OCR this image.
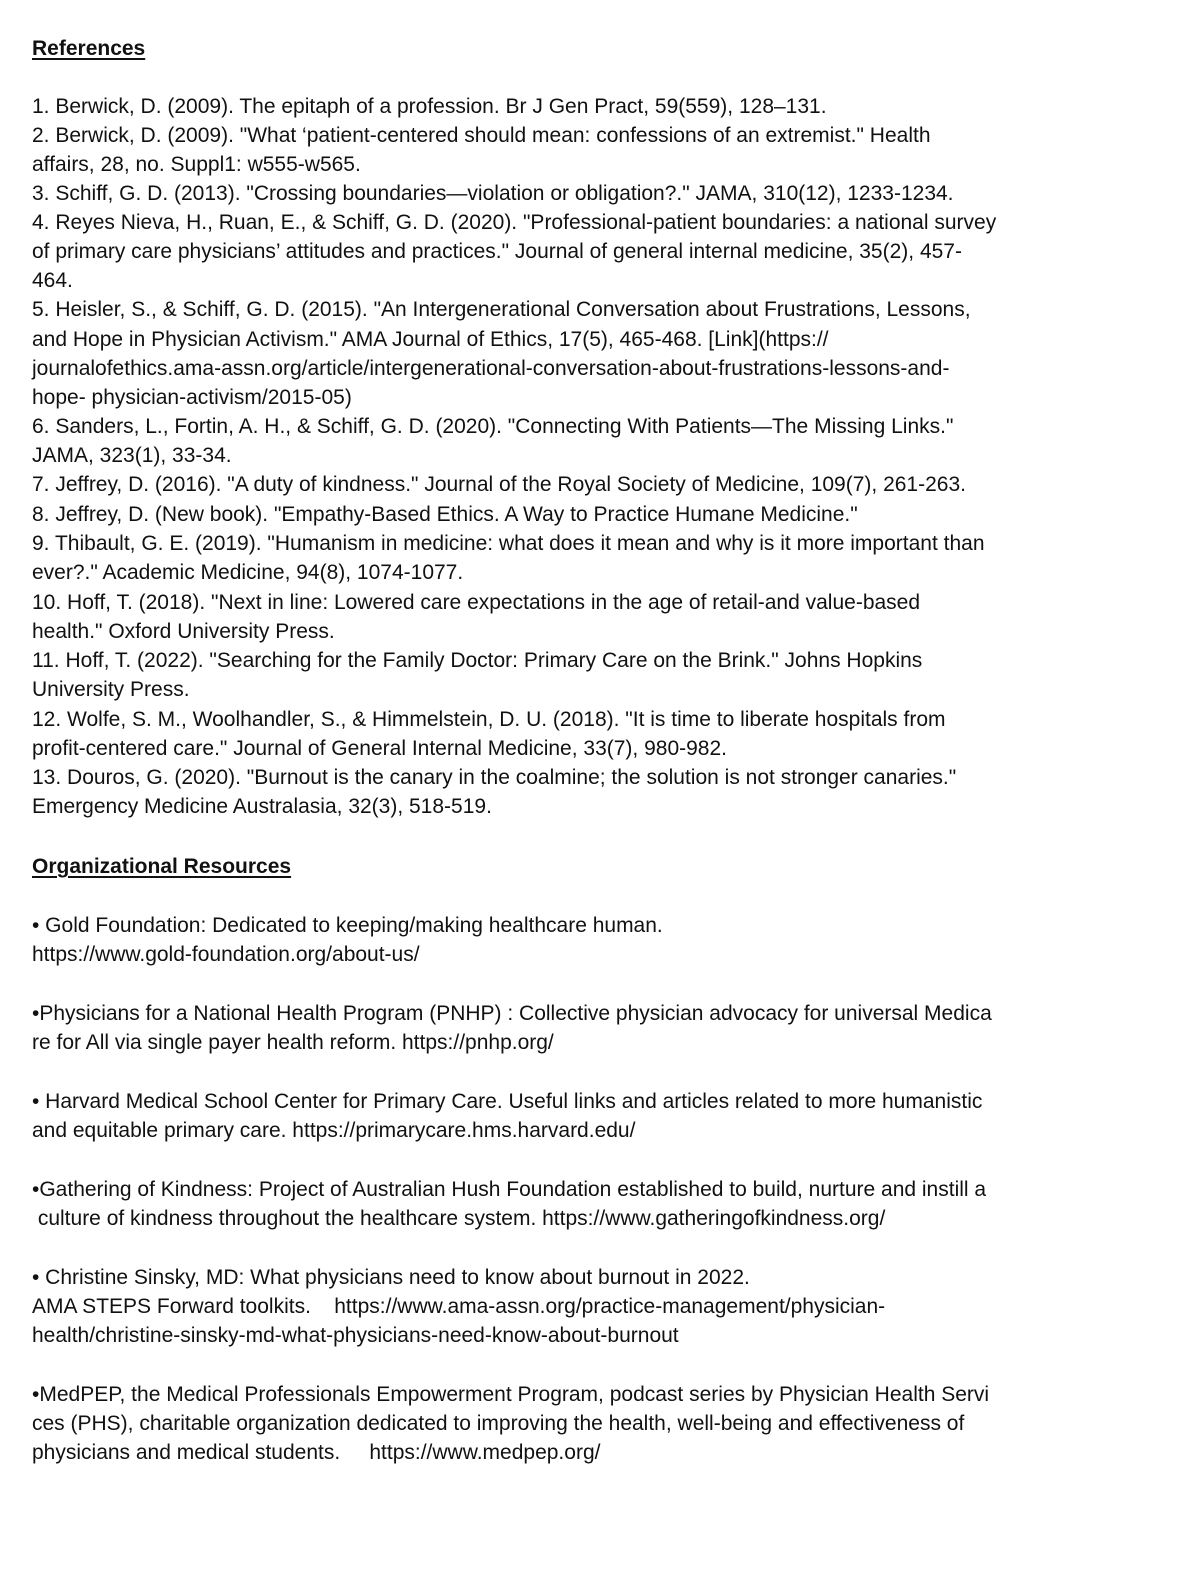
References
1. Berwick, D. (2009). The epitaph of a profession. Br J Gen Pract, 59(559), 128–131.
2. Berwick, D. (2009). "What ‘patient-centered should mean: confessions of an extremist." Health
affairs, 28, no. Suppl1: w555-w565.
3. Schiff, G. D. (2013). "Crossing boundaries—violation or obligation?." JAMA, 310(12), 1233-1234.
4. Reyes Nieva, H., Ruan, E., & Schiff, G. D. (2020). "Professional-patient boundaries: a national survey
of primary care physicians’ attitudes and practices." Journal of general internal medicine, 35(2), 457-
464.
5. Heisler, S., & Schiff, G. D. (2015). "An Intergenerational Conversation about Frustrations, Lessons,
and Hope in Physician Activism." AMA Journal of Ethics, 17(5), 465-468. [Link](https://
journalofethics.ama-assn.org/article/intergenerational-conversation-about-frustrations-lessons-and-
hope- physician-activism/2015-05)
6. Sanders, L., Fortin, A. H., & Schiff, G. D. (2020). "Connecting With Patients—The Missing Links."
JAMA, 323(1), 33-34.
7. Jeffrey, D. (2016). "A duty of kindness." Journal of the Royal Society of Medicine, 109(7), 261-263.
8. Jeffrey, D. (New book). "Empathy-Based Ethics. A Way to Practice Humane Medicine."
9. Thibault, G. E. (2019). "Humanism in medicine: what does it mean and why is it more important than
ever?." Academic Medicine, 94(8), 1074-1077.
10. Hoff, T. (2018). "Next in line: Lowered care expectations in the age of retail-and value-based
health." Oxford University Press.
11. Hoff, T. (2022). "Searching for the Family Doctor: Primary Care on the Brink." Johns Hopkins
University Press.
12. Wolfe, S. M., Woolhandler, S., & Himmelstein, D. U. (2018). "It is time to liberate hospitals from
profit-centered care." Journal of General Internal Medicine, 33(7), 980-982.
13. Douros, G. (2020). "Burnout is the canary in the coalmine; the solution is not stronger canaries."
Emergency Medicine Australasia, 32(3), 518-519.
Organizational Resources
• Gold Foundation: Dedicated to keeping/making healthcare human.
https://www.gold-foundation.org/about-us/
•Physicians for a National Health Program (PNHP) : Collective physician advocacy for universal Medica
re for All via single payer health reform. https://pnhp.org/
• Harvard Medical School Center for Primary Care. Useful links and articles related to more humanistic
and equitable primary care. https://primarycare.hms.harvard.edu/
•Gathering of Kindness: Project of Australian Hush Foundation established to build, nurture and instill a
culture of kindness throughout the healthcare system. https://www.gatheringofkindness.org/
• Christine Sinsky, MD: What physicians need to know about burnout in 2022.
AMA STEPS Forward toolkits.    https://www.ama-assn.org/practice-management/physician-
health/christine-sinsky-md-what-physicians-need-know-about-burnout
•MedPEP, the Medical Professionals Empowerment Program, podcast series by Physician Health Servi
ces (PHS), charitable organization dedicated to improving the health, well-being and effectiveness of
physicians and medical students.     https://www.medpep.org/
